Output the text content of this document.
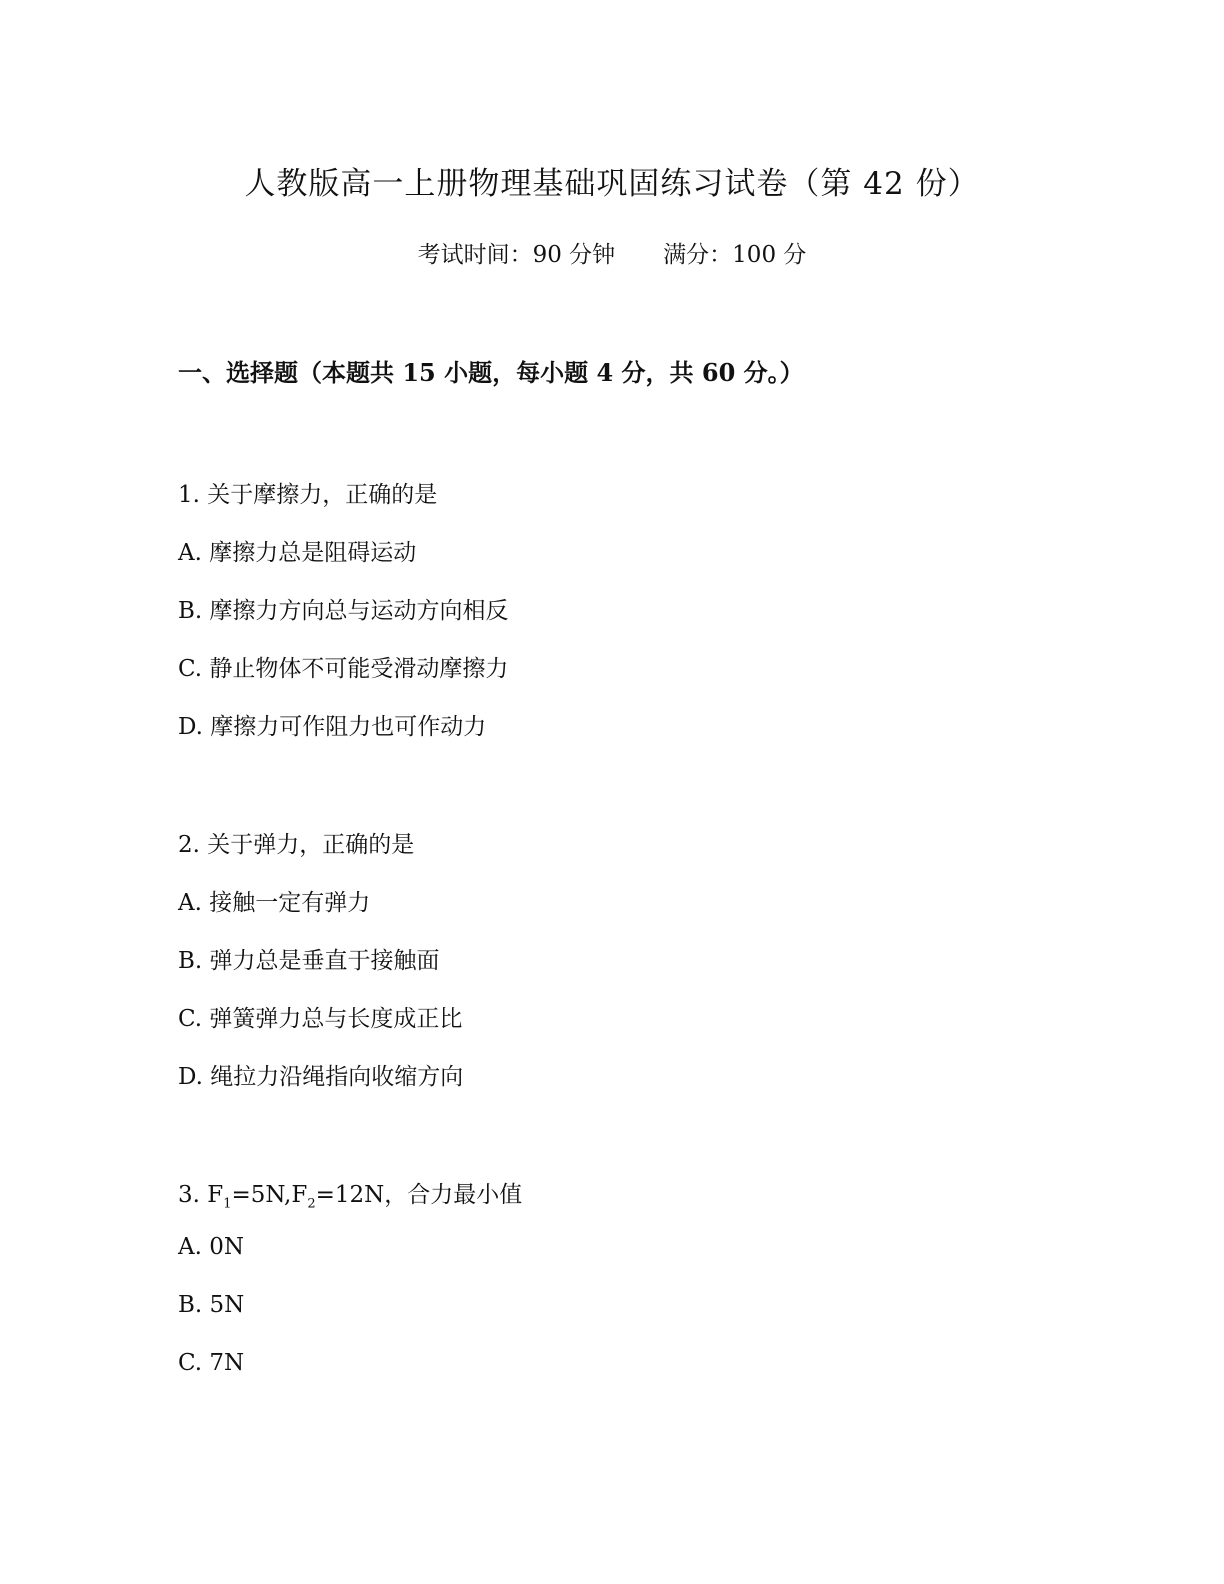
人教版高一上册物理基础巩固练习试卷（第 42 份）
考试时间：90 分钟 满分：100 分
一、选择题（本题共 15 小题，每小题 4 分，共 60 分。）
1. 关于摩擦力，正确的是
A. 摩擦力总是阻碍运动
B. 摩擦力方向总与运动方向相反
C. 静止物体不可能受滑动摩擦力
D. 摩擦力可作阻力也可作动力
2. 关于弹力，正确的是
A. 接触一定有弹力
B. 弹力总是垂直于接触面
C. 弹簧弹力总与长度成正比
D. 绳拉力沿绳指向收缩方向
3. $F_1=5N,F_2=12N$，合力最小值
A. 0N
B. 5N
C. 7N
